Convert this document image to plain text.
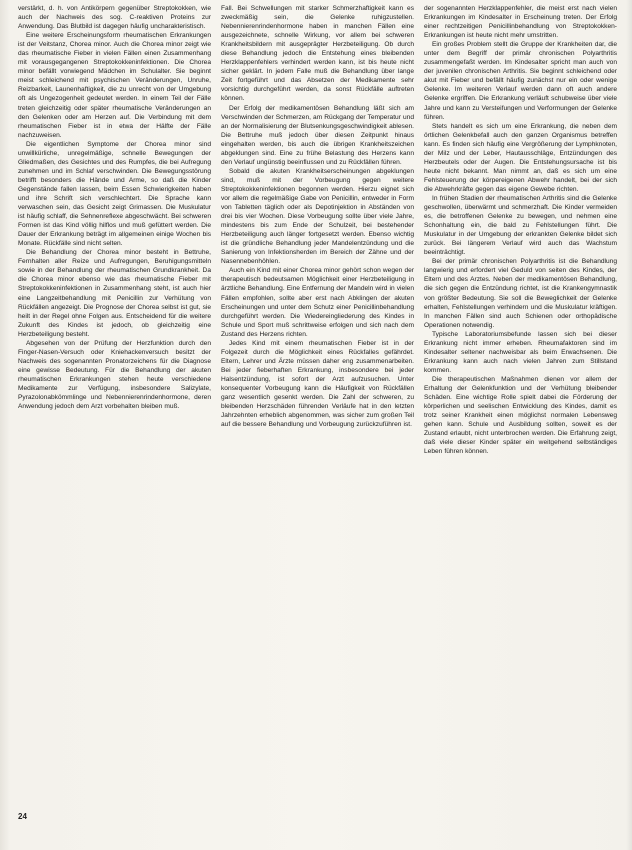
verstärkt, d. h. von Antikörpern gegenüber Streptokokken, wie auch der Nachweis des sog. C-reaktiven Proteins zur Anwendung. Das Blutbild ist dagegen häufig uncharakteristisch.

Eine weitere Erscheinungsform rheumatischen Erkrankungen ist der Veitstanz, Chorea minor. Auch die Chorea minor zeigt wie das rheumatische Fieber in vielen Fällen einen Zusammenhang mit vorausgegangenen Streptokokkeninfektionen. Die Chorea minor befällt vorwiegend Mädchen im Schulalter. Sie beginnt meist schleichend mit psychischen Veränderungen, Unruhe, Reizbarkeit, Launenhaftigkeit, die zu unrecht von der Umgebung oft als Ungezogenheit gedeutet werden. In einem Teil der Fälle treten gleichzeitig oder später rheumatische Veränderungen an den Gelenken oder am Herzen auf. Die Verbindung mit dem rheumatischen Fieber ist in etwa der Hälfte der Fälle nachzuweisen.

Die eigentlichen Symptome der Chorea minor sind unwillkürliche, unregelmäßige, schnelle Bewegungen der Gliedmaßen, des Gesichtes und des Rumpfes, die bei Aufregung zunehmen und im Schlaf verschwinden. Die Bewegungsstörung betrifft besonders die Hände und Arme, so daß die Kinder Gegenstände fallen lassen, beim Essen Schwierigkeiten haben und ihre Schrift sich verschlechtert. Die Sprache kann verwaschen sein, das Gesicht zeigt Grimassen. Die Muskulatur ist häufig schlaff, die Sehnenreflexe abgeschwächt. Bei schweren Formen ist das Kind völlig hilflos und muß gefüttert werden. Die Dauer der Erkrankung beträgt im allgemeinen einige Wochen bis Monate. Rückfälle sind nicht selten.

Die Behandlung der Chorea minor besteht in Bettruhe, Fernhalten aller Reize und Aufregungen, Beruhigungsmitteln sowie in der Behandlung der rheumatischen Grundkrankheit. Da die Chorea minor ebenso wie das rheumatische Fieber mit Streptokokkeninfektionen in Zusammenhang steht, ist auch hier eine Langzeitbehandlung mit Penicillin zur Verhütung von Rückfällen angezeigt. Die Prognose der Chorea selbst ist gut, sie heilt in der Regel ohne Folgen aus. Entscheidend für die weitere Zukunft des Kindes ist jedoch, ob gleichzeitig eine Herzbeteiligung besteht.

Abgesehen von der Prüfung der Herzfunktion durch den Finger-Nasen-Versuch oder Kniehackenversuch besitzt der Nachweis des sogenannten Pronatorzeichens für die Diagnose eine gewisse Bedeutung. Für die Behandlung der akuten rheumatischen Erkrankungen stehen heute verschiedene Medikamente zur Verfügung, insbesondere Salizylate, Pyrazolonabkömmlinge und Nebennierenrindenhormone, deren Anwendung jedoch dem Arzt vorbehalten bleiben muß.

Fall. Bei Schwellungen mit starker Schmerzhaftigkeit kann es zweckmäßig sein, die Gelenke ruhigzustellen. Nebennierenrindenhormone haben in manchen Fällen eine ausgezeichnete, schnelle Wirkung, vor allem bei schweren Krankheitsbildern mit ausgeprägter Herzbeteiligung. Ob durch diese Behandlung jedoch die Entstehung eines bleibenden Herzklappenfehlers verhindert werden kann, ist bis heute nicht sicher geklärt. In jedem Falle muß die Behandlung über lange Zeit fortgeführt und das Absetzen der Medikamente sehr vorsichtig durchgeführt werden, da sonst Rückfälle auftreten können.

Der Erfolg der medikamentösen Behandlung läßt sich am Verschwinden der Schmerzen, am Rückgang der Temperatur und an der Normalisierung der Blutsenkungsgeschwindigkeit ablesen. Die Bettruhe muß jedoch über diesen Zeitpunkt hinaus eingehalten werden, bis auch die übrigen Krankheitszeichen abgeklungen sind. Eine zu frühe Belastung des Herzens kann den Verlauf ungünstig beeinflussen und zu Rückfällen führen.

Sobald die akuten Krankheitserscheinungen abgeklungen sind, muß mit der Vorbeugung gegen weitere Streptokokkeninfektionen begonnen werden. Hierzu eignet sich vor allem die regelmäßige Gabe von Penicillin, entweder in Form von Tabletten täglich oder als Depotinjektion in Abständen von drei bis vier Wochen. Diese Vorbeugung sollte über viele Jahre, mindestens bis zum Ende der Schulzeit, bei bestehender Herzbeteiligung auch länger fortgesetzt werden. Ebenso wichtig ist die gründliche Behandlung jeder Mandelentzündung und die Sanierung von Infektionsherden im Bereich der Zähne und der Nasennebenhöhlen.

Auch ein Kind mit einer Chorea minor gehört schon wegen der therapeutisch bedeutsamen Möglichkeit einer Herzbeteiligung in ärztliche Behandlung. Eine Entfernung der Mandeln wird in vielen Fällen empfohlen, sollte aber erst nach Abklingen der akuten Erscheinungen und unter dem Schutz einer Penicillinbehandlung durchgeführt werden. Die Wiedereingliederung des Kindes in Schule und Sport muß schrittweise erfolgen und sich nach dem Zustand des Herzens richten.

Jedes Kind mit einem rheumatischen Fieber ist in der Folgezeit durch die Möglichkeit eines Rückfalles gefährdet. Eltern, Lehrer und Ärzte müssen daher eng zusammenarbeiten. Bei jeder fieberhaften Erkrankung, insbesondere bei jeder Halsentzündung, ist sofort der Arzt aufzusuchen. Unter konsequenter Vorbeugung kann die Häufigkeit von Rückfällen ganz wesentlich gesenkt werden. Die Zahl der schweren, zu bleibenden Herzschäden führenden Verläufe hat in den letzten Jahrzehnten erheblich abgenommen, was sicher zum großen Teil auf die bessere Behandlung und Vorbeugung zurückzuführen ist.

der sogenannten Herzklappenfehler, die meist erst nach vielen Erkrankungen im Kindesalter in Erscheinung treten. Der Erfolg einer rechtzeitigen Penicillinbehandlung von Streptokokken-Erkrankungen ist heute nicht mehr umstritten.

Ein großes Problem stellt die Gruppe der Krankheiten dar, die unter dem Begriff der primär chronischen Polyarthritis zusammengefaßt werden. Im Kindesalter spricht man auch von der juvenilen chronischen Arthritis. Sie beginnt schleichend oder akut mit Fieber und befällt häufig zunächst nur ein oder wenige Gelenke. Im weiteren Verlauf werden dann oft auch andere Gelenke ergriffen. Die Erkrankung verläuft schubweise über viele Jahre und kann zu Versteifungen und Verformungen der Gelenke führen.

Stets handelt es sich um eine Erkrankung, die neben dem örtlichen Gelenkbefall auch den ganzen Organismus betreffen kann. Es finden sich häufig eine Vergrößerung der Lymphknoten, der Milz und der Leber, Hautausschläge, Entzündungen des Herzbeutels oder der Augen. Die Entstehungsursache ist bis heute nicht bekannt. Man nimmt an, daß es sich um eine Fehlsteuerung der körpereigenen Abwehr handelt, bei der sich die Abwehrkräfte gegen das eigene Gewebe richten.

In frühen Stadien der rheumatischen Arthritis sind die Gelenke geschwollen, überwärmt und schmerzhaft. Die Kinder vermeiden es, die betroffenen Gelenke zu bewegen, und nehmen eine Schonhaltung ein, die bald zu Fehlstellungen führt. Die Muskulatur in der Umgebung der erkrankten Gelenke bildet sich zurück. Bei längerem Verlauf wird auch das Wachstum beeinträchtigt.

Bei der primär chronischen Polyarthritis ist die Behandlung langwierig und erfordert viel Geduld von seiten des Kindes, der Eltern und des Arztes. Neben der medikamentösen Behandlung, die sich gegen die Entzündung richtet, ist die Krankengymnastik von größter Bedeutung. Sie soll die Beweglichkeit der Gelenke erhalten, Fehlstellungen verhindern und die Muskulatur kräftigen. In manchen Fällen sind auch Schienen oder orthopädische Operationen notwendig.

Typische Laboratoriumsbefunde lassen sich bei dieser Erkrankung nicht immer erheben. Rheumafaktoren sind im Kindesalter seltener nachweisbar als beim Erwachsenen. Die Erkrankung kann auch nach vielen Jahren zum Stillstand kommen.

Die therapeutischen Maßnahmen dienen vor allem der Erhaltung der Gelenkfunktion und der Verhütung bleibender Schäden. Eine wichtige Rolle spielt dabei die Förderung der körperlichen und seelischen Entwicklung des Kindes, damit es trotz seiner Krankheit einen möglichst normalen Lebensweg gehen kann. Schule und Ausbildung sollten, soweit es der Zustand erlaubt, nicht unterbrochen werden. Die Erfahrung zeigt, daß viele dieser Kinder später ein weitgehend selbständiges Leben führen können.

24
